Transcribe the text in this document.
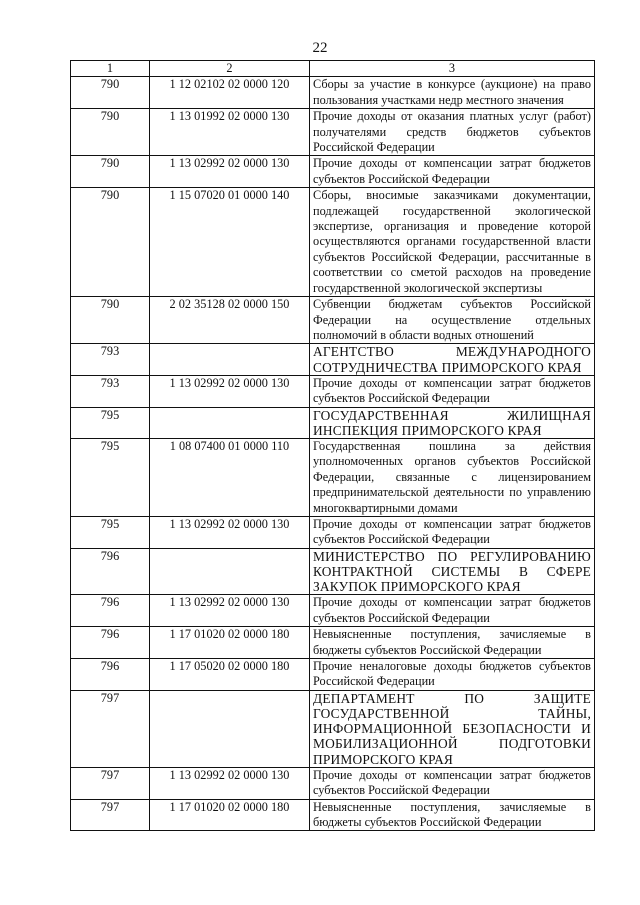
22
1	2	3
790	1 12 02102 02 0000 120	Сборы за участие в конкурсе (аукционе) на право пользования участками недр местного значения
790	1 13 01992 02 0000 130	Прочие доходы от оказания платных услуг (работ) получателями средств бюджетов субъектов Российской Федерации
790	1 13 02992 02 0000 130	Прочие доходы от компенсации затрат бюджетов субъектов Российской Федерации
790	1 15 07020 01 0000 140	Сборы, вносимые заказчиками документации, подлежащей государственной экологической экспертизе, организация и проведение которой осуществляются органами государственной власти субъектов Российской Федерации, рассчитанные в соответствии со сметой расходов на проведение государственной экологической экспертизы
790	2 02 35128 02 0000 150	Субвенции бюджетам субъектов Российской Федерации на осуществление отдельных полномочий в области водных отношений
793		АГЕНТСТВО МЕЖДУНАРОДНОГО СОТРУДНИЧЕСТВА ПРИМОРСКОГО КРАЯ
793	1 13 02992 02 0000 130	Прочие доходы от компенсации затрат бюджетов субъектов Российской Федерации
795		ГОСУДАРСТВЕННАЯ ЖИЛИЩНАЯ ИНСПЕКЦИЯ ПРИМОРСКОГО КРАЯ
795	1 08 07400 01 0000 110	Государственная пошлина за действия уполномоченных органов субъектов Российской Федерации, связанные с лицензированием предпринимательской деятельности по управлению многоквартирными домами
795	1 13 02992 02 0000 130	Прочие доходы от компенсации затрат бюджетов субъектов Российской Федерации
796		МИНИСТЕРСТВО ПО РЕГУЛИРОВАНИЮ КОНТРАКТНОЙ СИСТЕМЫ В СФЕРЕ ЗАКУПОК ПРИМОРСКОГО КРАЯ
796	1 13 02992 02 0000 130	Прочие доходы от компенсации затрат бюджетов субъектов Российской Федерации
796	1 17 01020 02 0000 180	Невыясненные поступления, зачисляемые в бюджеты субъектов Российской Федерации
796	1 17 05020 02 0000 180	Прочие неналоговые доходы бюджетов субъектов Российской Федерации
797		ДЕПАРТАМЕНТ ПО ЗАЩИТЕ ГОСУДАРСТВЕННОЙ ТАЙНЫ, ИНФОРМАЦИОННОЙ БЕЗОПАСНОСТИ И МОБИЛИЗАЦИОННОЙ ПОДГОТОВКИ ПРИМОРСКОГО КРАЯ
797	1 13 02992 02 0000 130	Прочие доходы от компенсации затрат бюджетов субъектов Российской Федерации
797	1 17 01020 02 0000 180	Невыясненные поступления, зачисляемые в бюджеты субъектов Российской Федерации
